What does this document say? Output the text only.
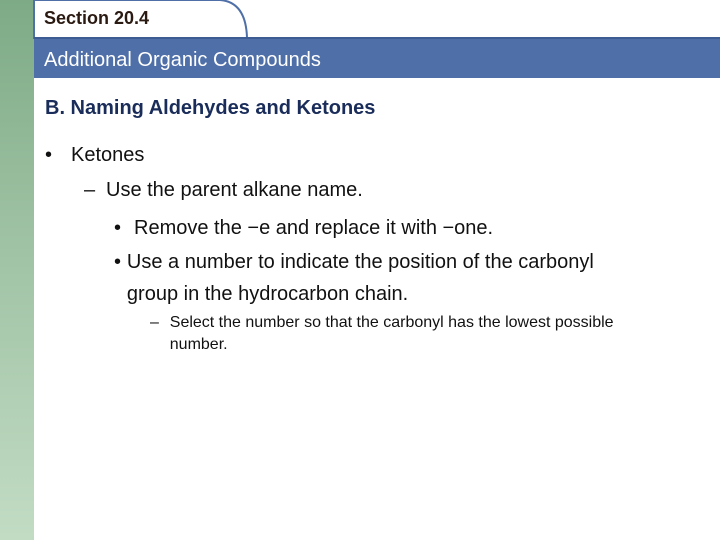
Section 20.4
Additional Organic Compounds
B. Naming Aldehydes and Ketones
• Ketones
– Use the parent alkane name.
• Remove the −e and replace it with −one.
• Use a number to indicate the position of the carbonyl group in the hydrocarbon chain.
– Select the number so that the carbonyl has the lowest possible number.
